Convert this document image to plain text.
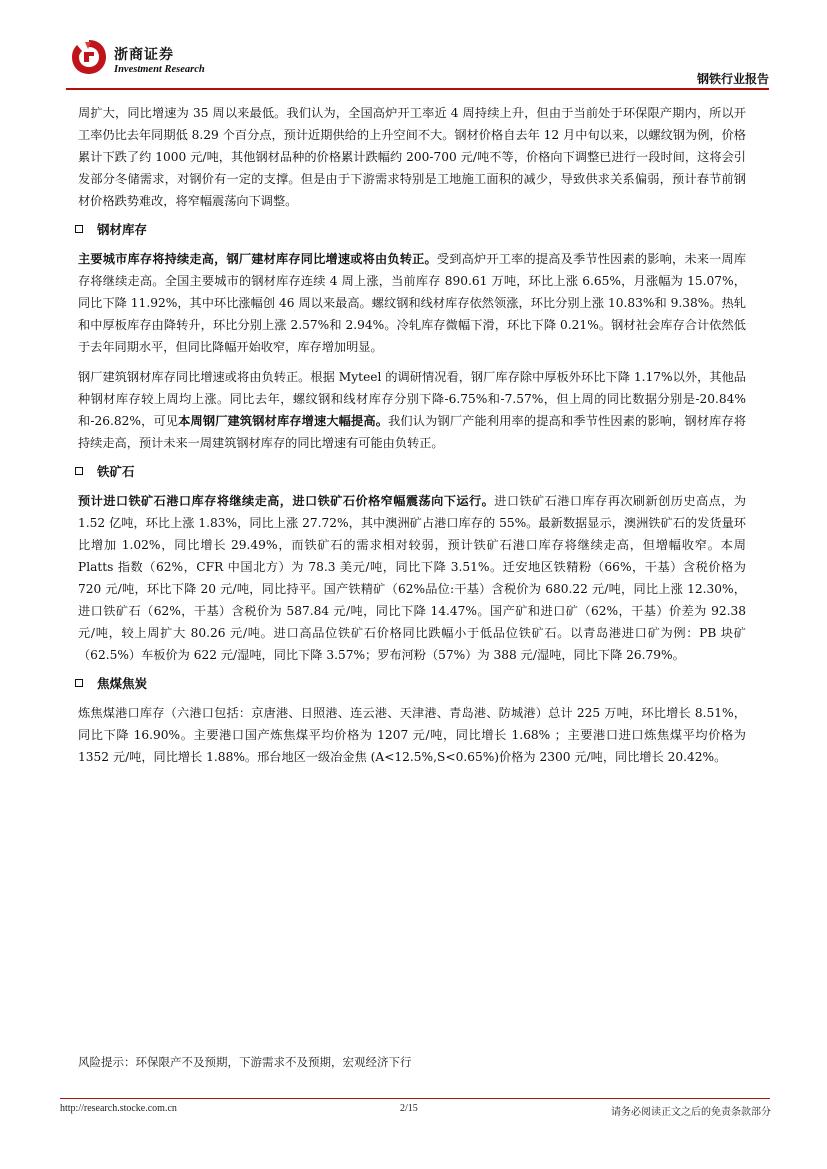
浙商证券
Investment Research
钢铁行业报告

周扩大，同比增速为 35 周以来最低。我们认为，全国高炉开工率近 4 周持续上升，但由于当前处于环保限产期内，所以开工率仍比去年同期低 8.29 个百分点，预计近期供给的上升空间不大。钢材价格自去年 12 月中旬以来，以螺纹钢为例，价格累计下跌了约 1000 元/吨，其他钢材品种的价格累计跌幅约 200-700 元/吨不等，价格向下调整已进行一段时间，这将会引发部分冬储需求，对钢价有一定的支撑。但是由于下游需求特别是工地施工面积的减少，导致供求关系偏弱，预计春节前钢材价格跌势难改，将窄幅震荡向下调整。

钢材库存

主要城市库存将持续走高，钢厂建材库存同比增速或将由负转正。受到高炉开工率的提高及季节性因素的影响，未来一周库存将继续走高。全国主要城市的钢材库存连续 4 周上涨，当前库存 890.61 万吨，环比上涨 6.65%，月涨幅为 15.07%，同比下降 11.92%，其中环比涨幅创 46 周以来最高。螺纹钢和线材库存依然领涨，环比分别上涨 10.83%和 9.38%。热轧和中厚板库存由降转升，环比分别上涨 2.57%和 2.94%。冷轧库存微幅下滑，环比下降 0.21%。钢材社会库存合计依然低于去年同期水平，但同比降幅开始收窄，库存增加明显。

钢厂建筑钢材库存同比增速或将由负转正。根据 Myteel 的调研情况看，钢厂库存除中厚板外环比下降 1.17%以外，其他品种钢材库存较上周均上涨。同比去年，螺纹钢和线材库存分别下降-6.75%和-7.57%，但上周的同比数据分别是-20.84%和-26.82%，可见本周钢厂建筑钢材库存增速大幅提高。我们认为钢厂产能利用率的提高和季节性因素的影响，钢材库存将持续走高，预计未来一周建筑钢材库存的同比增速有可能由负转正。

铁矿石

预计进口铁矿石港口库存将继续走高，进口铁矿石价格窄幅震荡向下运行。进口铁矿石港口库存再次刷新创历史高点，为 1.52 亿吨，环比上涨 1.83%，同比上涨 27.72%，其中澳洲矿占港口库存的 55%。最新数据显示，澳洲铁矿石的发货量环比增加 1.02%，同比增长 29.49%，而铁矿石的需求相对较弱，预计铁矿石港口库存将继续走高，但增幅收窄。本周 Platts 指数（62%，CFR 中国北方）为 78.3 美元/吨，同比下降 3.51%。迁安地区铁精粉（66%，干基）含税价格为 720 元/吨，环比下降 20 元/吨，同比持平。国产铁精矿（62%品位:干基）含税价为 680.22 元/吨，同比上涨 12.30%，进口铁矿石（62%，干基）含税价为 587.84 元/吨，同比下降 14.47%。国产矿和进口矿（62%，干基）价差为 92.38 元/吨，较上周扩大 80.26 元/吨。进口高品位铁矿石价格同比跌幅小于低品位铁矿石。以青岛港进口矿为例：PB 块矿（62.5%）车板价为 622 元/湿吨，同比下降 3.57%；罗布河粉（57%）为 388 元/湿吨，同比下降 26.79%。

焦煤焦炭

炼焦煤港口库存（六港口包括：京唐港、日照港、连云港、天津港、青岛港、防城港）总计 225 万吨，环比增长 8.51%，同比下降 16.90%。主要港口国产炼焦煤平均价格为 1207 元/吨，同比增长 1.68% ；主要港口进口炼焦煤平均价格为 1352 元/吨，同比增长 1.88%。邢台地区一级冶金焦 (A<12.5%,S<0.65%)价格为 2300 元/吨，同比增长 20.42%。

风险提示：环保限产不及预期，下游需求不及预期，宏观经济下行
http://research.stocke.com.cn	2/15	请务必阅读正文之后的免责条款部分
